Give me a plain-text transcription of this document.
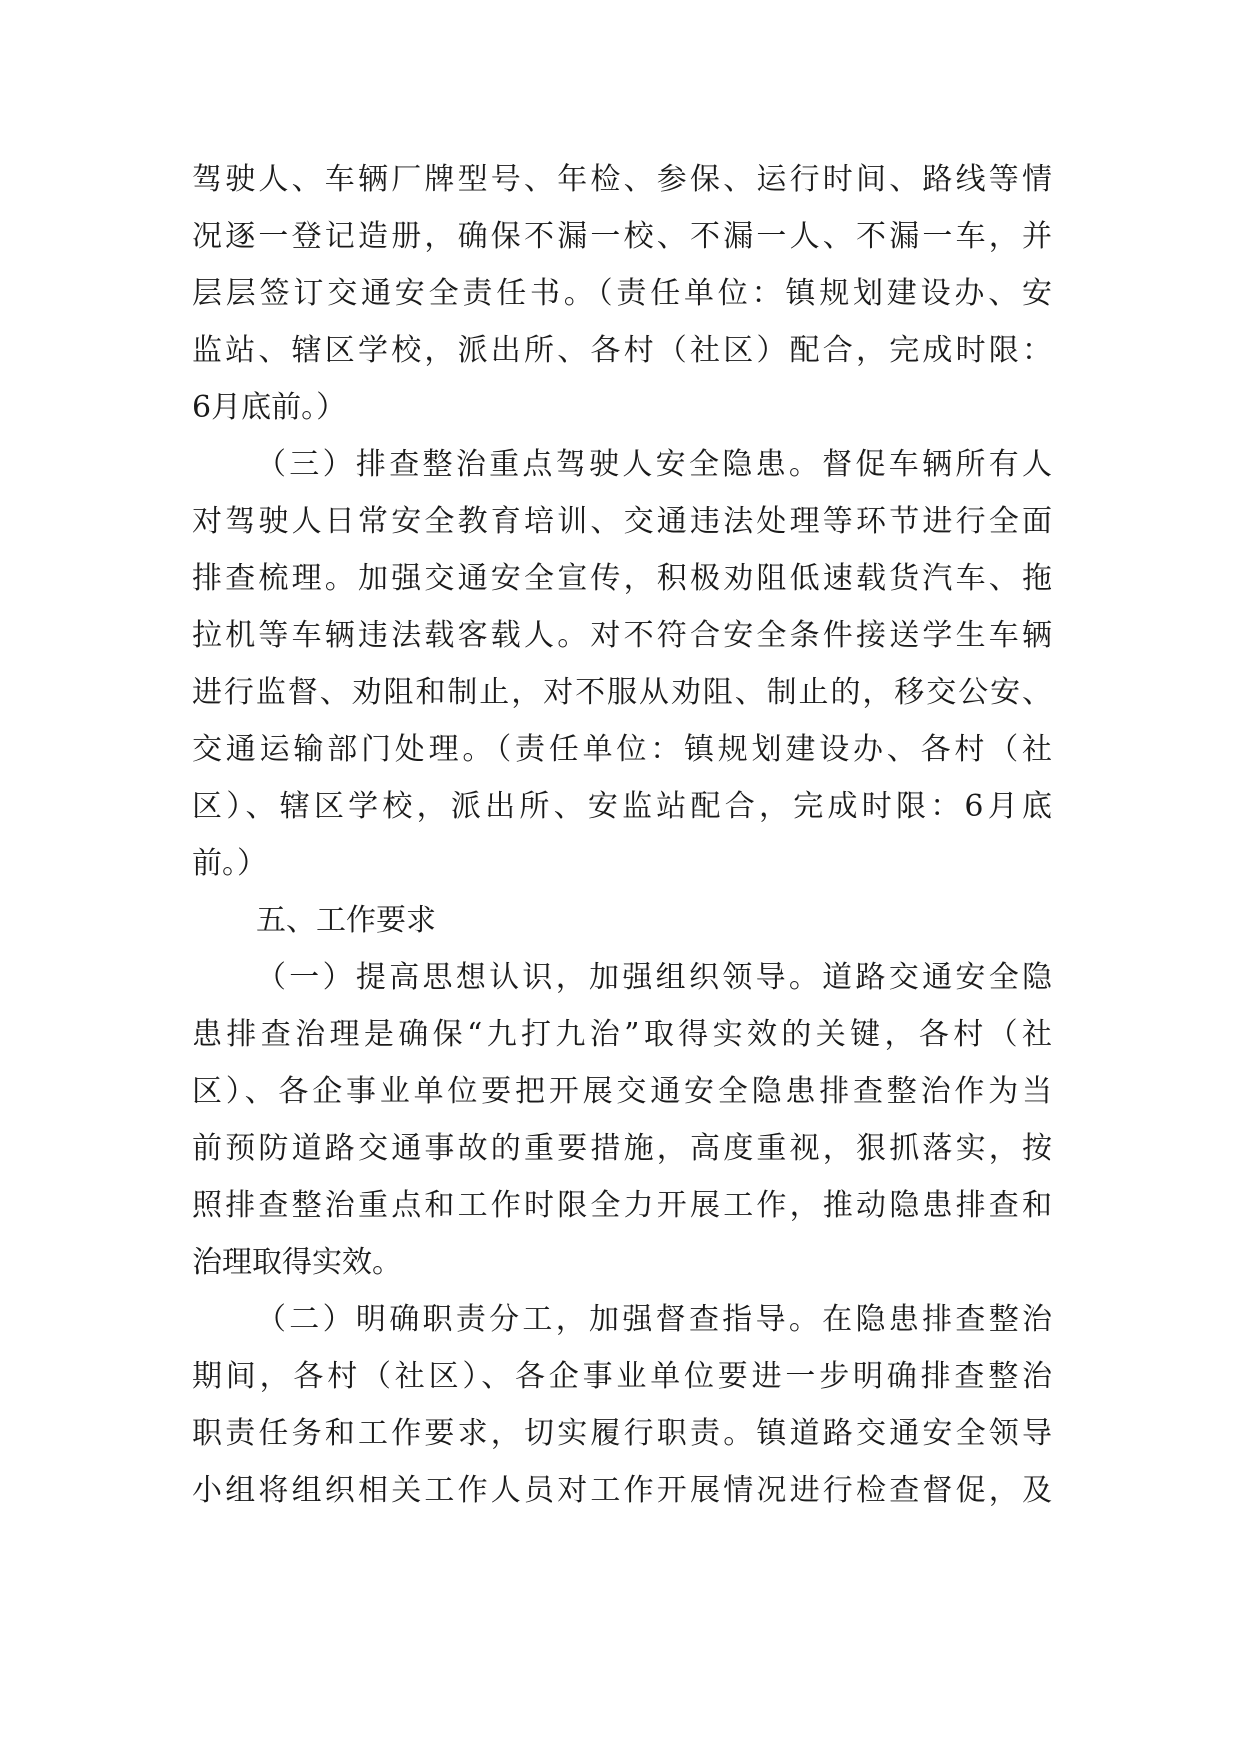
驾驶人、车辆厂牌型号、年检、参保、运行时间、路线等情
况逐一登记造册，确保不漏一校、不漏一人、不漏一车，并
层层签订交通安全责任书。（责任单位：镇规划建设办、安
监站、辖区学校，派出所、各村（社区）配合，完成时限：
6月底前。）
（三）排查整治重点驾驶人安全隐患。督促车辆所有人
对驾驶人日常安全教育培训、交通违法处理等环节进行全面
排查梳理。加强交通安全宣传，积极劝阻低速载货汽车、拖
拉机等车辆违法载客载人。对不符合安全条件接送学生车辆
进行监督、劝阻和制止，对不服从劝阻、制止的，移交公安、
交通运输部门处理。（责任单位：镇规划建设办、各村（社
区）、辖区学校，派出所、安监站配合，完成时限：6月底
前。）
五、工作要求
（一）提高思想认识，加强组织领导。道路交通安全隐
患排查治理是确保“九打九治”取得实效的关键，各村（社
区）、各企事业单位要把开展交通安全隐患排查整治作为当
前预防道路交通事故的重要措施，高度重视，狠抓落实，按
照排查整治重点和工作时限全力开展工作，推动隐患排查和
治理取得实效。
（二）明确职责分工，加强督查指导。在隐患排查整治
期间，各村（社区）、各企事业单位要进一步明确排查整治
职责任务和工作要求，切实履行职责。镇道路交通安全领导
小组将组织相关工作人员对工作开展情况进行检查督促，及
